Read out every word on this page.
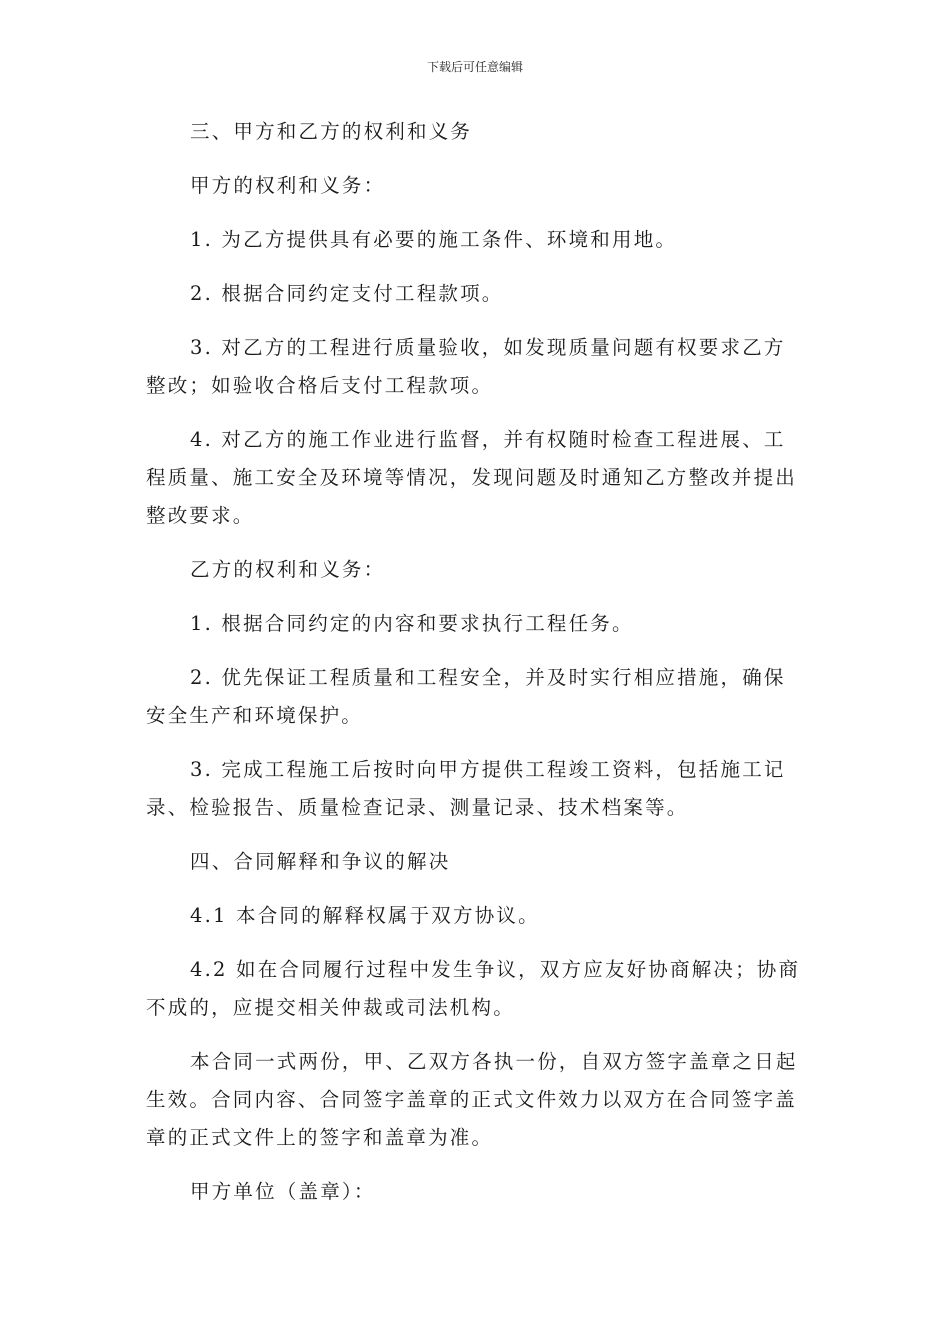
下载后可任意编辑

三、甲方和乙方的权利和义务

甲方的权利和义务：

1. 为乙方提供具有必要的施工条件、环境和用地。

2. 根据合同约定支付工程款项。

3. 对乙方的工程进行质量验收，如发现质量问题有权要求乙方整改；如验收合格后支付工程款项。

4. 对乙方的施工作业进行监督，并有权随时检查工程进展、工程质量、施工安全及环境等情况，发现问题及时通知乙方整改并提出整改要求。

乙方的权利和义务：

1. 根据合同约定的内容和要求执行工程任务。

2. 优先保证工程质量和工程安全，并及时实行相应措施，确保安全生产和环境保护。

3. 完成工程施工后按时向甲方提供工程竣工资料，包括施工记录、检验报告、质量检查记录、测量记录、技术档案等。

四、合同解释和争议的解决

4.1 本合同的解释权属于双方协议。

4.2 如在合同履行过程中发生争议，双方应友好协商解决；协商不成的，应提交相关仲裁或司法机构。

本合同一式两份，甲、乙双方各执一份，自双方签字盖章之日起生效。合同内容、合同签字盖章的正式文件效力以双方在合同签字盖章的正式文件上的签字和盖章为准。

甲方单位（盖章）：
